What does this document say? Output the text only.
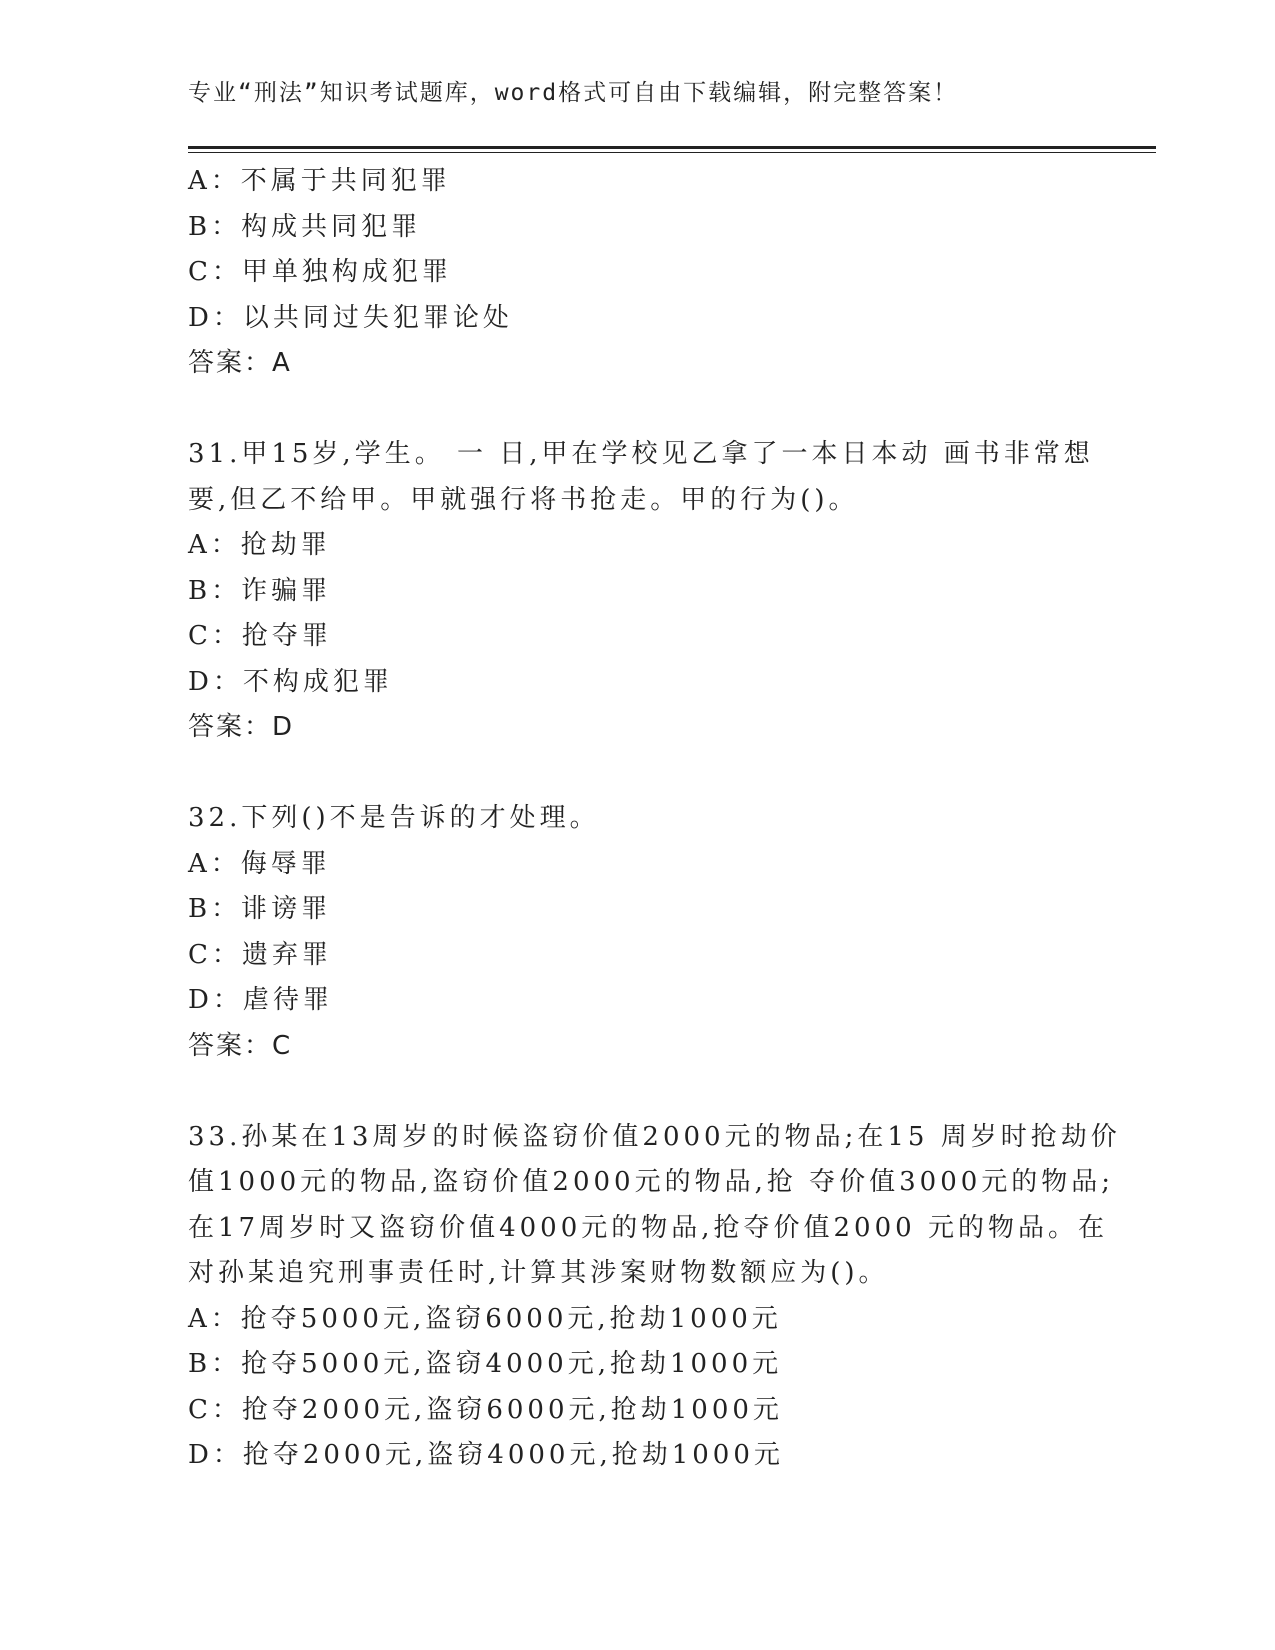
专业“刑法”知识考试题库，word格式可自由下载编辑，附完整答案！
A：不属于共同犯罪
B：构成共同犯罪
C：甲单独构成犯罪
D：以共同过失犯罪论处
答案：A
31.甲15岁,学生。 一 日,甲在学校见乙拿了一本日本动 画书非常想
要,但乙不给甲。甲就强行将书抢走。甲的行为()。
A：抢劫罪
B：诈骗罪
C：抢夺罪
D：不构成犯罪
答案：D
32.下列()不是告诉的才处理。
A：侮辱罪
B：诽谤罪
C：遗弃罪
D：虐待罪
答案：C
33.孙某在13周岁的时候盗窃价值2000元的物品;在15 周岁时抢劫价
值1000元的物品,盗窃价值2000元的物品,抢 夺价值3000元的物品;
在17周岁时又盗窃价值4000元的物品,抢夺价值2000 元的物品。在
对孙某追究刑事责任时,计算其涉案财物数额应为()。
A：抢夺5000元,盗窃6000元,抢劫1000元
B：抢夺5000元,盗窃4000元,抢劫1000元
C：抢夺2000元,盗窃6000元,抢劫1000元
D：抢夺2000元,盗窃4000元,抢劫1000元
